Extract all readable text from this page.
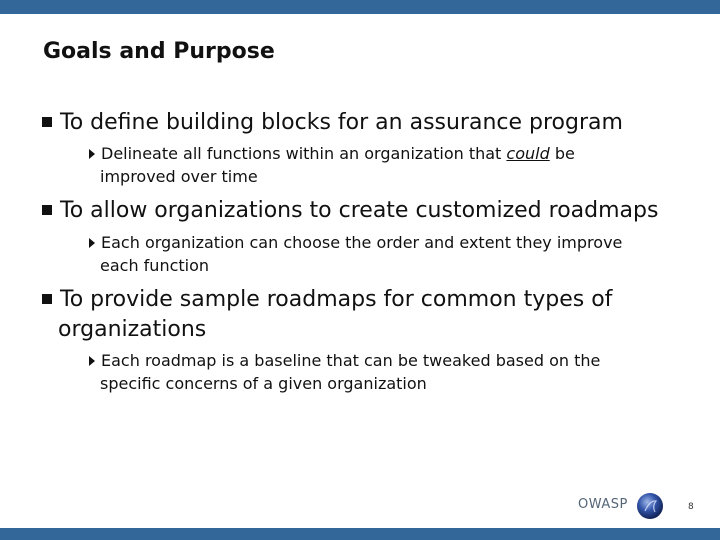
Goals and Purpose
To define building blocks for an assurance program
Delineate all functions within an organization that could be
improved over time
To allow organizations to create customized roadmaps
Each organization can choose the order and extent they improve
each function
To provide sample roadmaps for common types of
organizations
Each roadmap is a baseline that can be tweaked based on the
specific concerns of a given organization
OWASP	8
